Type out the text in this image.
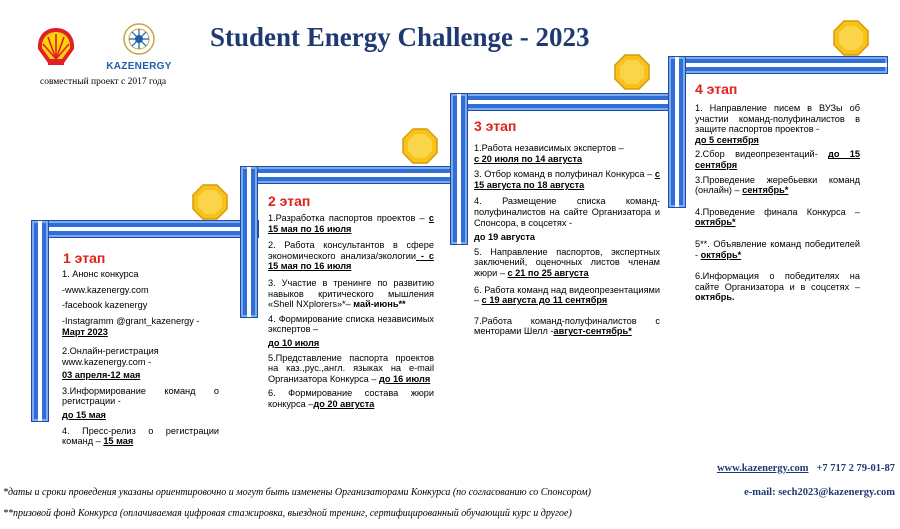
KAZENERGY
Student Energy Challenge - 2023
совместный проект с 2017 года
1 этап

1. Анонс конкурса

-www.kazenergy.com

-facebook kazenergy

-Instagramm @grant_kazenergy -

Март 2023

2.Онлайн-регистрация

www.kazenergy.com -

03 апреля-12 мая

3.Информирование команд о регистрации -

до 15 мая

4. Пресс-релиз о регистрации команд – 15 мая

2 этап

1.Разработка паспортов проектов – с 15 мая по 16 июля

2. Работа консультантов в сфере экономического анализа/экологии - с 15 мая по 16 июля

3. Участие в тренинге по развитию навыков критического мышления «Shell NXplorers»*– май-июнь**

4. Формирование списка независимых экспертов –

до 10 июля

5.Представление паспорта проектов на каз.,рус.,англ. языках на e-mail Организатора Конкурса – до 16 июля

6. Формирование состава жюри конкурса –до 20 августа

3 этап

1.Работа независимых экспертов –
с 20 июля по 14 августа

3. Отбор команд в полуфинал Конкурса – с 15 августа по 18 августа

4. Размещение списка команд-полуфиналистов на сайте Организатора и Спонсора, в соцсетях -

до 19 августа

5. Направление паспортов, экспертных заключений, оценочных листов членам жюри – с 21 по 25 августа

6. Работа команд над видеопрезентациями – с 19 августа до 11 сентября

7.Работа команд-полуфиналистов с менторами Шелл -август-сентябрь*

4 этап

1. Направление писем в ВУЗы об участии команд-полуфиналистов в защите паспортов проектов -
до 5 сентября

2.Сбор видеопрезентаций- до 15 сентября

3.Проведение жеребьевки команд (онлайн) – сентябрь*

4.Проведение финала Конкурса – октябрь*

5**. Объявление команд победителей - октябрь*

6.Информация о победителях на сайте Организатора и в соцсетях – октябрь.

www.kazenergy.com +7 717 2 79-01-87
e-mail: sech2023@kazenergy.com
*даты и сроки проведения указаны ориентировочно и могут быть изменены Организаторами Конкурса (по согласованию со Спонсором)
**призовой фонд Конкурса (оплачиваемая цифровая стажировка, выездной тренинг, сертифицированный обучающий курс и другое)
